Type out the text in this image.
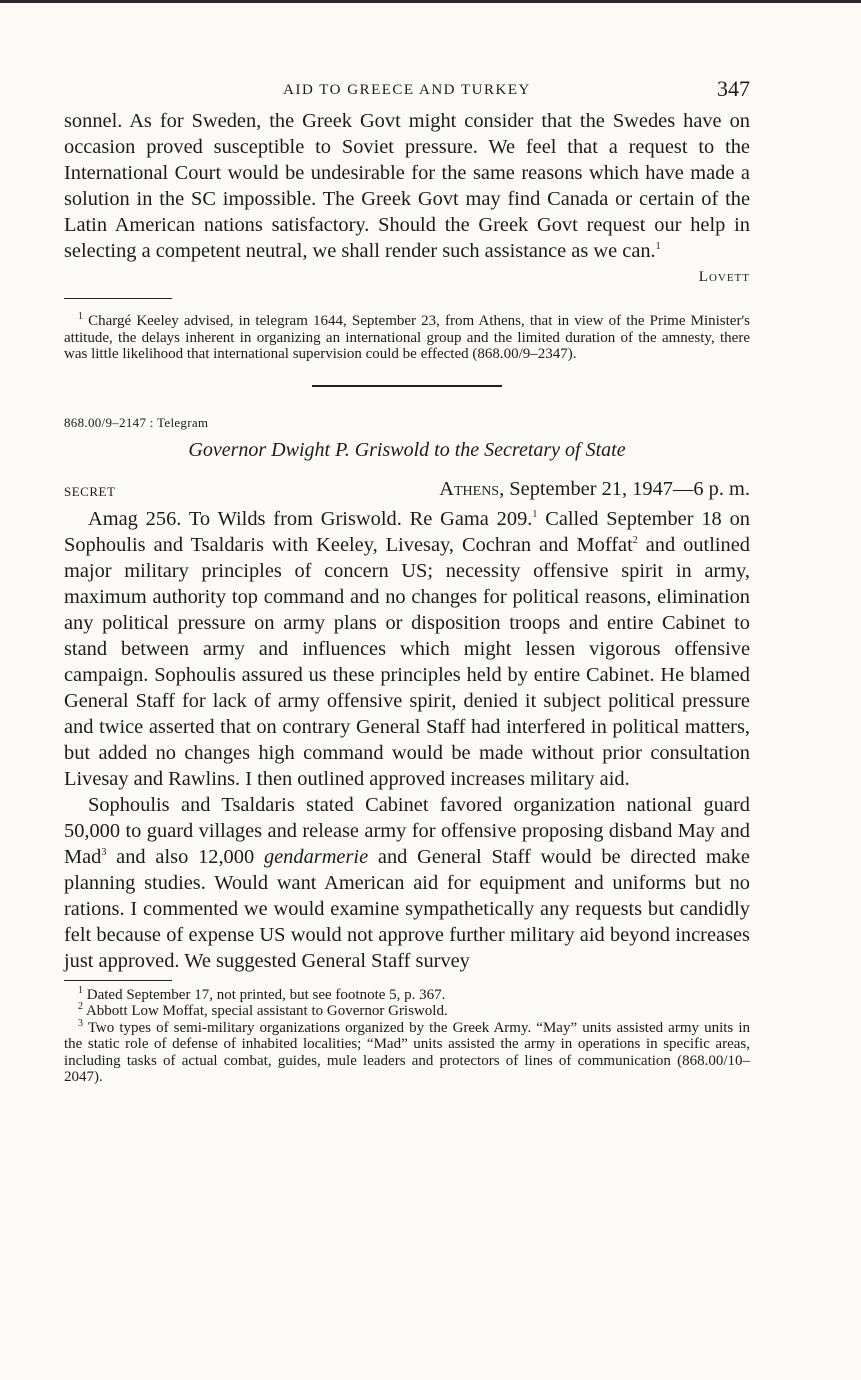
AID TO GREECE AND TURKEY	347

sonnel. As for Sweden, the Greek Govt might consider that the Swedes have on occasion proved susceptible to Soviet pressure. We feel that a request to the International Court would be undesirable for the same reasons which have made a solution in the SC impossible. The Greek Govt may find Canada or certain of the Latin American nations satisfactory. Should the Greek Govt request our help in selecting a competent neutral, we shall render such assistance as we can.$^1$

Lovett

$^1$ Chargé Keeley advised, in telegram 1644, September 23, from Athens, that in view of the Prime Minister's attitude, the delays inherent in organizing an international group and the limited duration of the amnesty, there was little likelihood that international supervision could be effected (868.00/9–2347).

868.00/9–2147 : Telegram

Governor Dwight P. Griswold to the Secretary of State

SECRET	Athens, September 21, 1947—6 p. m.

Amag 256. To Wilds from Griswold. Re Gama 209.$^1$ Called September 18 on Sophoulis and Tsaldaris with Keeley, Livesay, Cochran and Moffat$^2$ and outlined major military principles of concern US; necessity offensive spirit in army, maximum authority top command and no changes for political reasons, elimination any political pressure on army plans or disposition troops and entire Cabinet to stand between army and influences which might lessen vigorous offensive campaign. Sophoulis assured us these principles held by entire Cabinet. He blamed General Staff for lack of army offensive spirit, denied it subject political pressure and twice asserted that on contrary General Staff had interfered in political matters, but added no changes high command would be made without prior consultation Livesay and Rawlins. I then outlined approved increases military aid.

Sophoulis and Tsaldaris stated Cabinet favored organization national guard 50,000 to guard villages and release army for offensive proposing disband May and Mad$^3$ and also 12,000 gendarmerie and General Staff would be directed make planning studies. Would want American aid for equipment and uniforms but no rations. I commented we would examine sympathetically any requests but candidly felt because of expense US would not approve further military aid beyond increases just approved. We suggested General Staff survey

$^1$ Dated September 17, not printed, but see footnote 5, p. 367.

$^2$ Abbott Low Moffat, special assistant to Governor Griswold.

$^3$ Two types of semi-military organizations organized by the Greek Army. “May” units assisted army units in the static role of defense of inhabited localities; “Mad” units assisted the army in operations in specific areas, including tasks of actual combat, guides, mule leaders and protectors of lines of communication (868.00/10–2047).
